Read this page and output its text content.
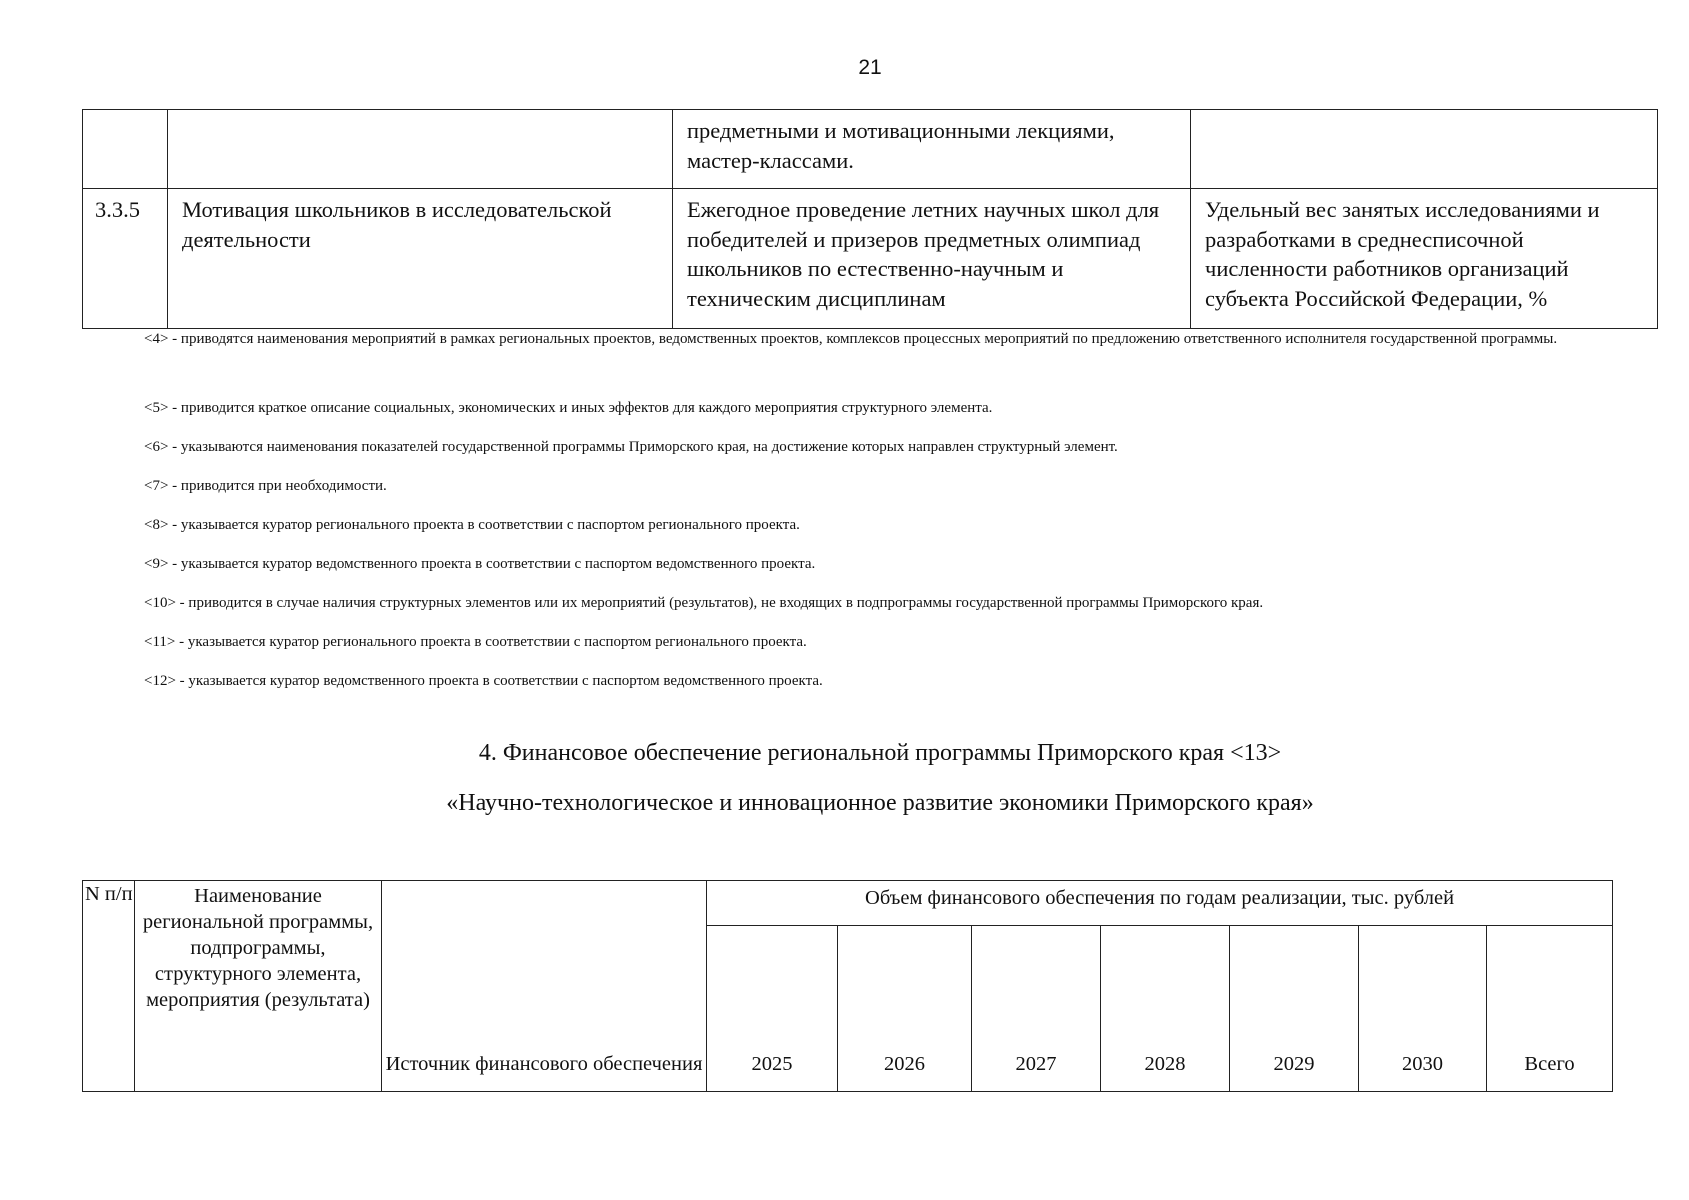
21
		предметными и мотивационными лекциями, мастер-классами.	
3.3.5	Мотивация школьников в исследовательской деятельности	Ежегодное проведение летних научных школ для победителей и призеров предметных олимпиад школьников по естественно-научным и техническим дисциплинам	Удельный вес занятых исследованиями и разработками в среднесписочной численности работников организаций субъекта Российской Федерации, %

<4> - приводятся наименования мероприятий в рамках региональных проектов, ведомственных проектов, комплексов процессных мероприятий по предложению ответственного исполнителя государственной программы.

<5> - приводится краткое описание социальных, экономических и иных эффектов для каждого мероприятия структурного элемента.

<6> - указываются наименования показателей государственной программы Приморского края, на достижение которых направлен структурный элемент.

<7> - приводится при необходимости.

<8> - указывается куратор регионального проекта в соответствии с паспортом регионального проекта.

<9> - указывается куратор ведомственного проекта в соответствии с паспортом ведомственного проекта.

<10> - приводится в случае наличия структурных элементов или их мероприятий (результатов), не входящих в подпрограммы государственной программы Приморского края.

<11> - указывается куратор регионального проекта в соответствии с паспортом регионального проекта.

<12> - указывается куратор ведомственного проекта в соответствии с паспортом ведомственного проекта.

4. Финансовое обеспечение региональной программы Приморского края <13>
«Научно-технологическое и инновационное развитие экономики Приморского края»
N п/п	Наименование региональной программы, подпрограммы, структурного элемента, мероприятия (результата)	Источник финансового обеспечения	Объем финансового обеспечения по годам реализации, тыс. рублей						
			2025	2026	2027	2028	2029	2030	Всего
